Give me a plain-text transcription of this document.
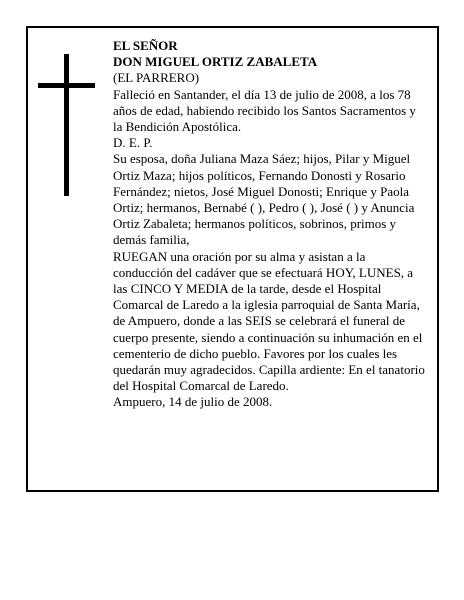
EL SEÑOR

DON MIGUEL ORTIZ ZABALETA

(EL PARRERO)

Falleció en Santander, el día 13 de julio de 2008, a los 78 años de edad, habiendo recibido los Santos Sacramentos y la Bendición Apostólica.

D. E. P.

Su esposa, doña Juliana Maza Sáez; hijos, Pilar y Miguel Ortiz Maza; hijos políticos, Fernando Donosti y Rosario Fernández; nietos, José Miguel Donosti; Enrique y Paola Ortiz; hermanos, Bernabé ( ), Pedro ( ), José ( ) y Anuncia Ortiz Zabaleta; hermanos políticos, sobrinos, primos y demás familia,

RUEGAN una oración por su alma y asistan a la conducción del cadáver que se efectuará HOY, LUNES, a las CINCO Y MEDIA de la tarde, desde el Hospital Comarcal de Laredo a la iglesia parroquial de Santa María, de Ampuero, donde a las SEIS se celebrará el funeral de cuerpo presente, siendo a continuación su inhumación en el cementerio de dicho pueblo. Favores por los cuales les quedarán muy agradecidos. Capilla ardiente: En el tanatorio del Hospital Comarcal de Laredo.

Ampuero, 14 de julio de 2008.
